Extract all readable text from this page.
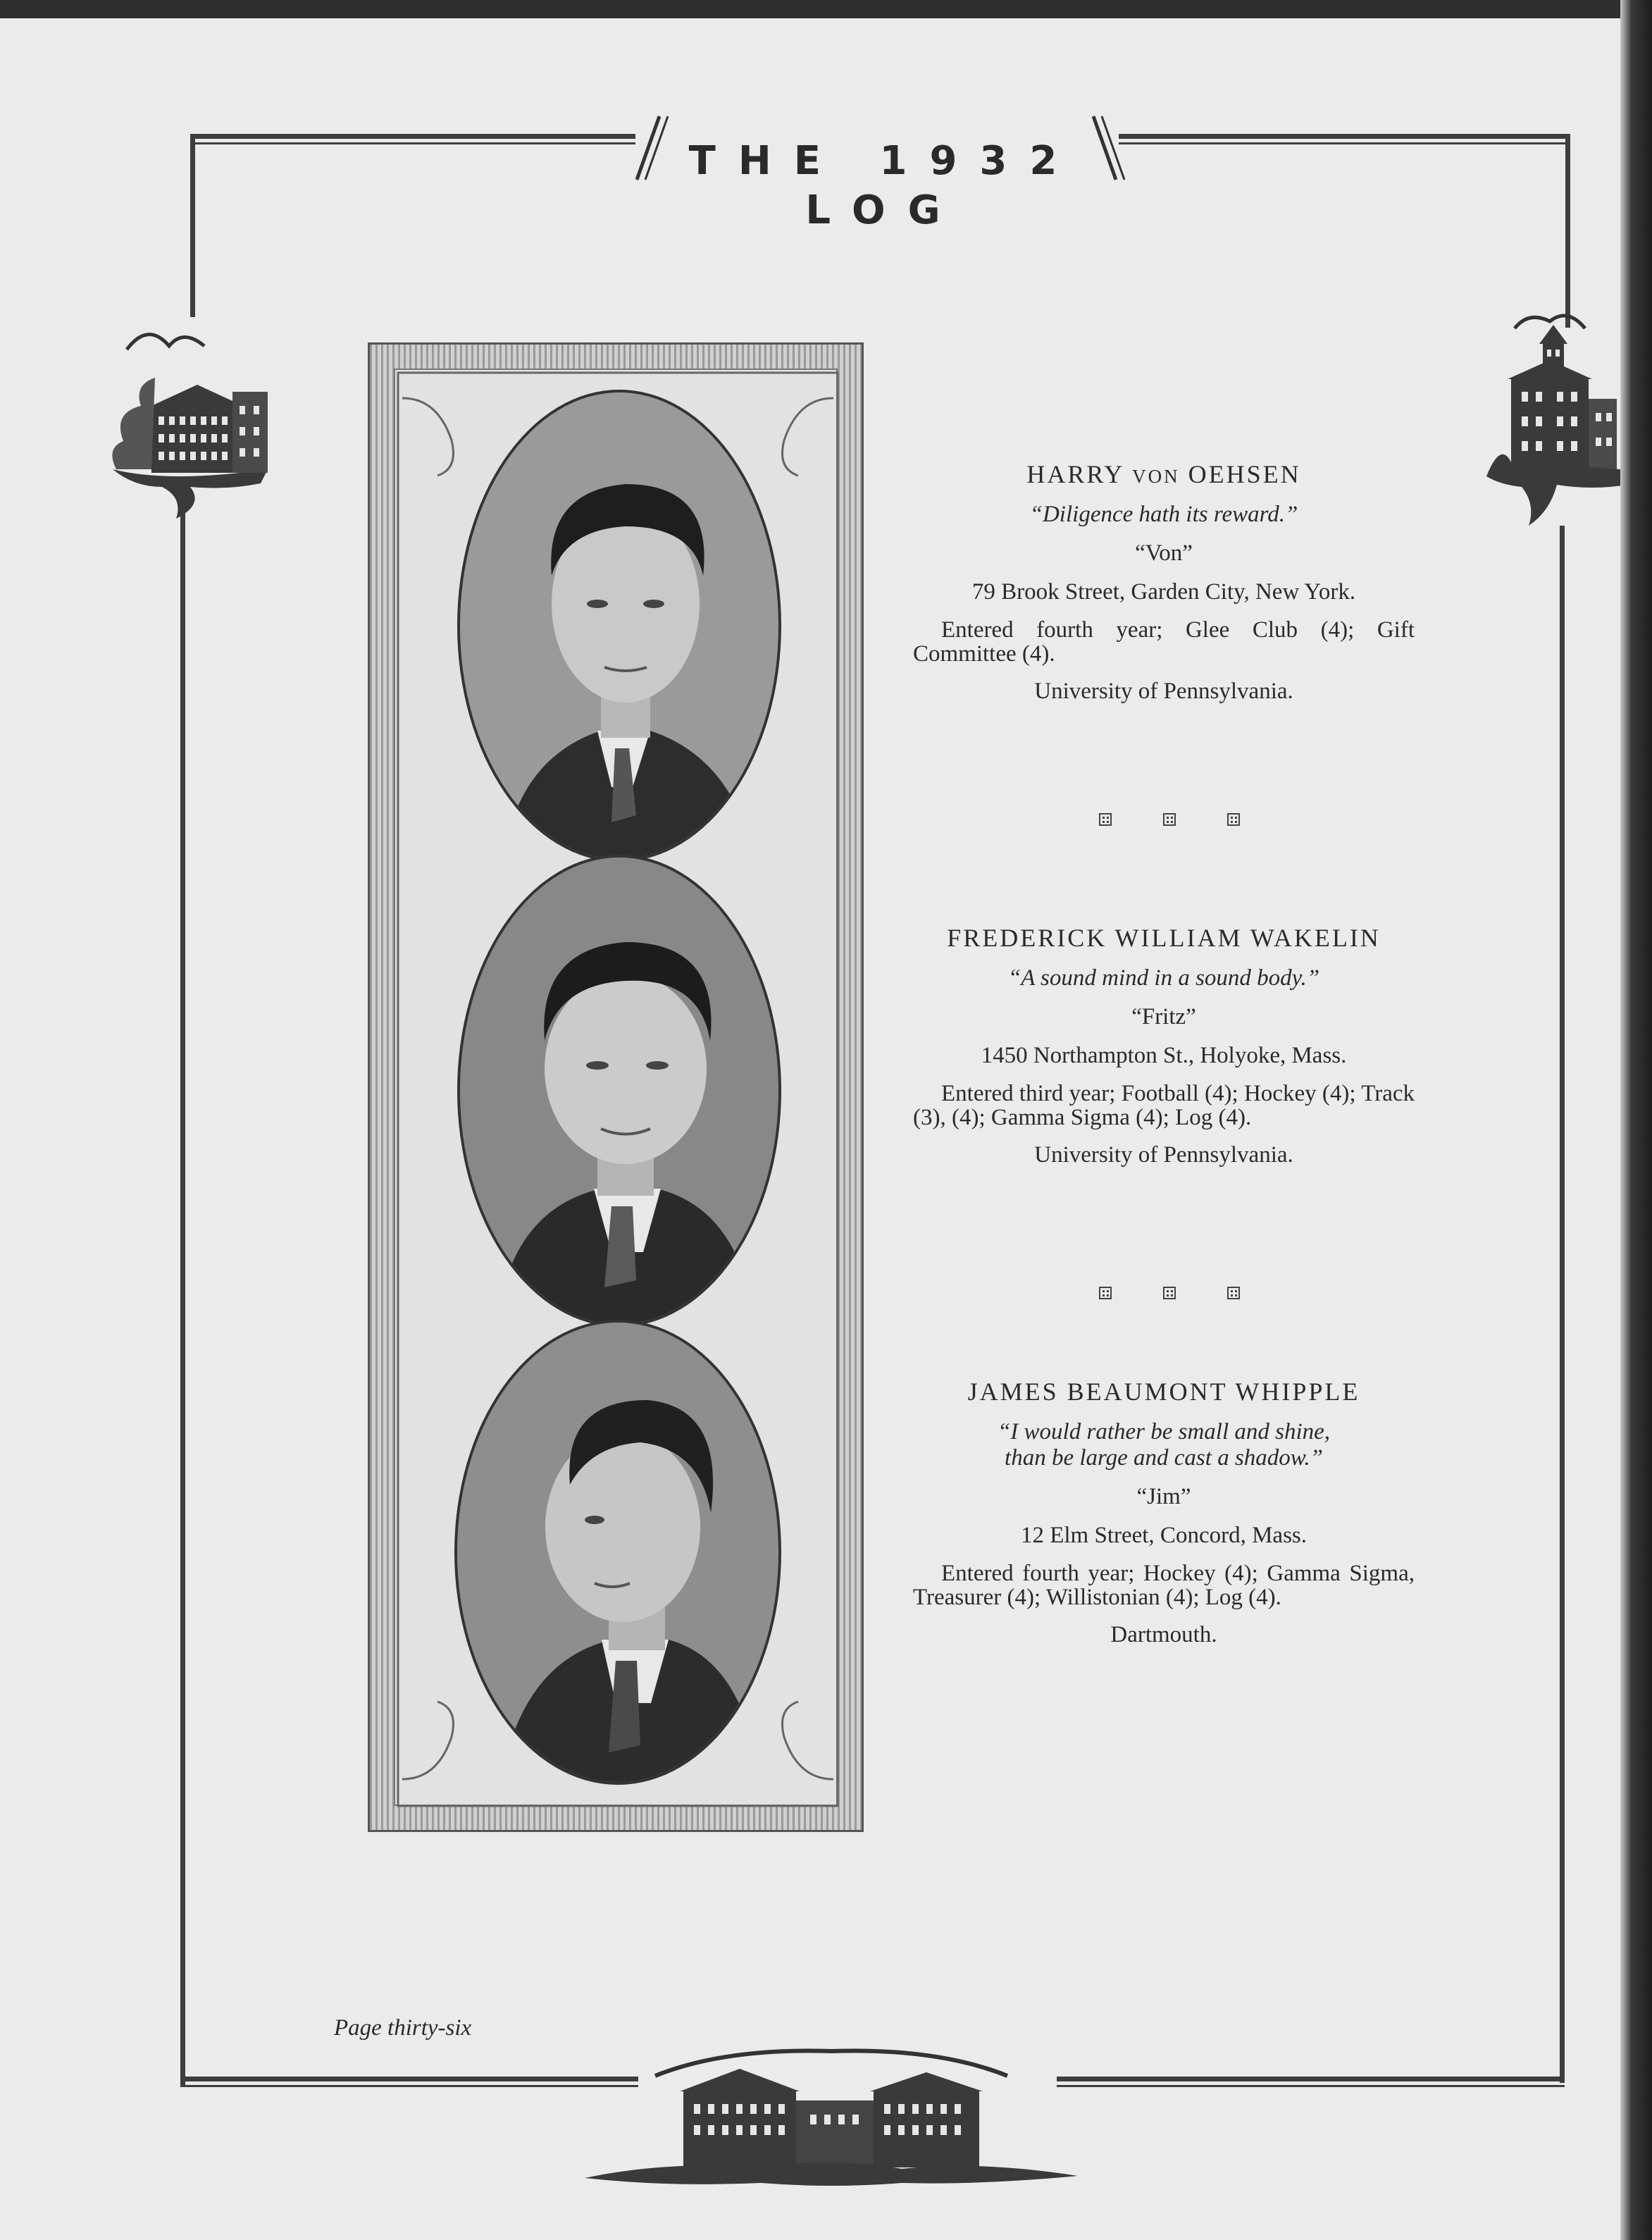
THE 1932 LOG

HARRY VON OEHSEN

“Diligence hath its reward.”

“Von”

79 Brook Street, Garden City, New York.

Entered fourth year; Glee Club (4); Gift Committee (4).

University of Pennsylvania.

FREDERICK WILLIAM WAKELIN

“A sound mind in a sound body.”

“Fritz”

1450 Northampton St., Holyoke, Mass.

Entered third year; Football (4); Hockey (4); Track (3), (4); Gamma Sigma (4); Log (4).

University of Pennsylvania.

JAMES BEAUMONT WHIPPLE

“I would rather be small and shine,

than be large and cast a shadow.”

“Jim”

12 Elm Street, Concord, Mass.

Entered fourth year; Hockey (4); Gamma Sigma, Treasurer (4); Willistonian (4); Log (4).

Dartmouth.

Page thirty-six
